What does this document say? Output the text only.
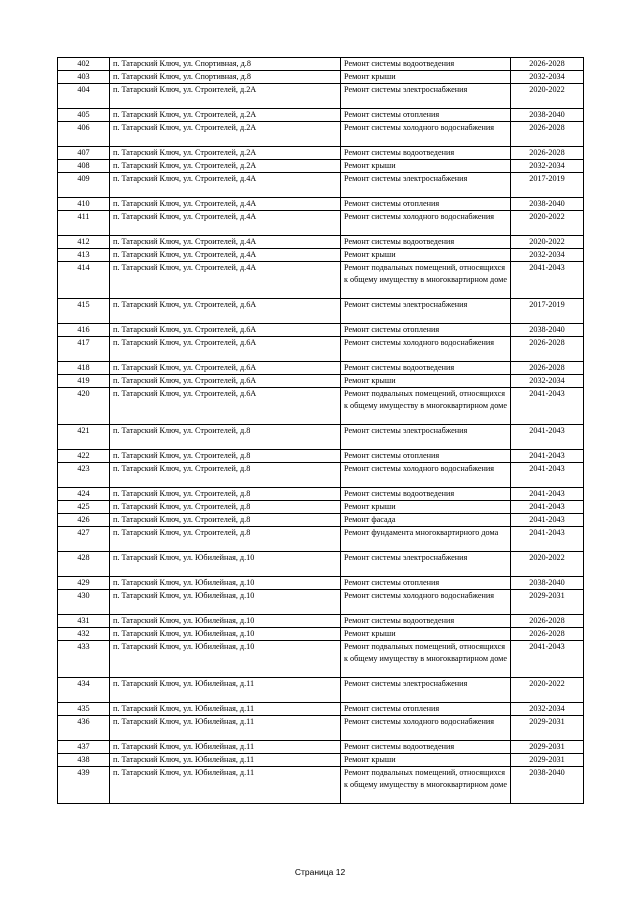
402	п. Татарский Ключ, ул. Спортивная, д.8	Ремонт системы водоотведения	2026-2028
403	п. Татарский Ключ, ул. Спортивная, д.8	Ремонт крыши	2032-2034
404	п. Татарский Ключ, ул. Строителей, д.2А	Ремонт системы электроснабжения	2020-2022
405	п. Татарский Ключ, ул. Строителей, д.2А	Ремонт системы отопления	2038-2040
406	п. Татарский Ключ, ул. Строителей, д.2А	Ремонт системы холодного водоснабжения	2026-2028
407	п. Татарский Ключ, ул. Строителей, д.2А	Ремонт системы водоотведения	2026-2028
408	п. Татарский Ключ, ул. Строителей, д.2А	Ремонт крыши	2032-2034
409	п. Татарский Ключ, ул. Строителей, д.4А	Ремонт системы электроснабжения	2017-2019
410	п. Татарский Ключ, ул. Строителей, д.4А	Ремонт системы отопления	2038-2040
411	п. Татарский Ключ, ул. Строителей, д.4А	Ремонт системы холодного водоснабжения	2020-2022
412	п. Татарский Ключ, ул. Строителей, д.4А	Ремонт системы водоотведения	2020-2022
413	п. Татарский Ключ, ул. Строителей, д.4А	Ремонт крыши	2032-2034
414	п. Татарский Ключ, ул. Строителей, д.4А	Ремонт подвальных помещений, относящихся к общему имуществу в многоквартирном доме	2041-2043
415	п. Татарский Ключ, ул. Строителей, д.6А	Ремонт системы электроснабжения	2017-2019
416	п. Татарский Ключ, ул. Строителей, д.6А	Ремонт системы отопления	2038-2040
417	п. Татарский Ключ, ул. Строителей, д.6А	Ремонт системы холодного водоснабжения	2026-2028
418	п. Татарский Ключ, ул. Строителей, д.6А	Ремонт системы водоотведения	2026-2028
419	п. Татарский Ключ, ул. Строителей, д.6А	Ремонт крыши	2032-2034
420	п. Татарский Ключ, ул. Строителей, д.6А	Ремонт подвальных помещений, относящихся к общему имуществу в многоквартирном доме	2041-2043
421	п. Татарский Ключ, ул. Строителей, д.8	Ремонт системы электроснабжения	2041-2043
422	п. Татарский Ключ, ул. Строителей, д.8	Ремонт системы отопления	2041-2043
423	п. Татарский Ключ, ул. Строителей, д.8	Ремонт системы холодного водоснабжения	2041-2043
424	п. Татарский Ключ, ул. Строителей, д.8	Ремонт системы водоотведения	2041-2043
425	п. Татарский Ключ, ул. Строителей, д.8	Ремонт крыши	2041-2043
426	п. Татарский Ключ, ул. Строителей, д.8	Ремонт фасада	2041-2043
427	п. Татарский Ключ, ул. Строителей, д.8	Ремонт фундамента многоквартирного дома	2041-2043
428	п. Татарский Ключ, ул. Юбилейная, д.10	Ремонт системы электроснабжения	2020-2022
429	п. Татарский Ключ, ул. Юбилейная, д.10	Ремонт системы отопления	2038-2040
430	п. Татарский Ключ, ул. Юбилейная, д.10	Ремонт системы холодного водоснабжения	2029-2031
431	п. Татарский Ключ, ул. Юбилейная, д.10	Ремонт системы водоотведения	2026-2028
432	п. Татарский Ключ, ул. Юбилейная, д.10	Ремонт крыши	2026-2028
433	п. Татарский Ключ, ул. Юбилейная, д.10	Ремонт подвальных помещений, относящихся к общему имуществу в многоквартирном доме	2041-2043
434	п. Татарский Ключ, ул. Юбилейная, д.11	Ремонт системы электроснабжения	2020-2022
435	п. Татарский Ключ, ул. Юбилейная, д.11	Ремонт системы отопления	2032-2034
436	п. Татарский Ключ, ул. Юбилейная, д.11	Ремонт системы холодного водоснабжения	2029-2031
437	п. Татарский Ключ, ул. Юбилейная, д.11	Ремонт системы водоотведения	2029-2031
438	п. Татарский Ключ, ул. Юбилейная, д.11	Ремонт крыши	2029-2031
439	п. Татарский Ключ, ул. Юбилейная, д.11	Ремонт подвальных помещений, относящихся к общему имуществу в многоквартирном доме	2038-2040
Страница 12
